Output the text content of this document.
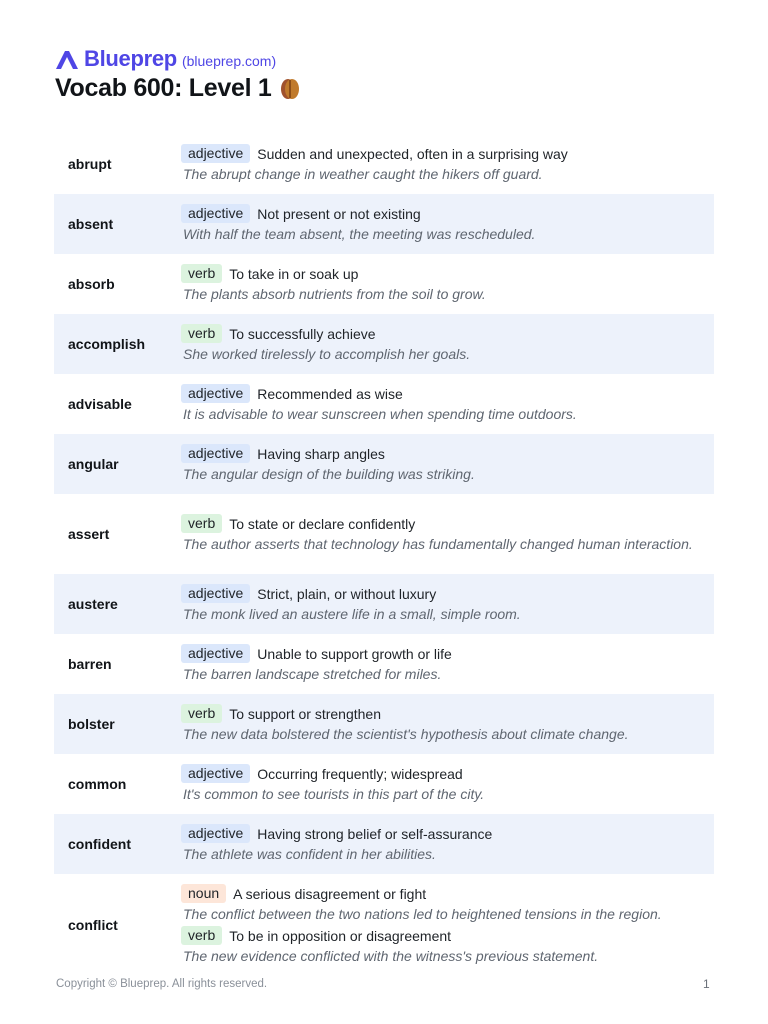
Blueprep (blueprep.com)
Vocab 600: Level 1
abrupt
adjective	Sudden and unexpected, often in a surprising way
The abrupt change in weather caught the hikers off guard.
absent
adjective	Not present or not existing
With half the team absent, the meeting was rescheduled.
absorb
verb	To take in or soak up
The plants absorb nutrients from the soil to grow.
accomplish
verb	To successfully achieve
She worked tirelessly to accomplish her goals.
advisable
adjective	Recommended as wise
It is advisable to wear sunscreen when spending time outdoors.
angular
adjective	Having sharp angles
The angular design of the building was striking.
assert
verb	To state or declare confidently
The author asserts that technology has fundamentally changed human interaction.
austere
adjective	Strict, plain, or without luxury
The monk lived an austere life in a small, simple room.
barren
adjective	Unable to support growth or life
The barren landscape stretched for miles.
bolster
verb	To support or strengthen
The new data bolstered the scientist's hypothesis about climate change.
common
adjective	Occurring frequently; widespread
It's common to see tourists in this part of the city.
confident
adjective	Having strong belief or self-assurance
The athlete was confident in her abilities.
conflict
noun	A serious disagreement or fight
The conflict between the two nations led to heightened tensions in the region.
verb	To be in opposition or disagreement
The new evidence conflicted with the witness's previous statement.
Copyright © Blueprep. All rights reserved.	1
